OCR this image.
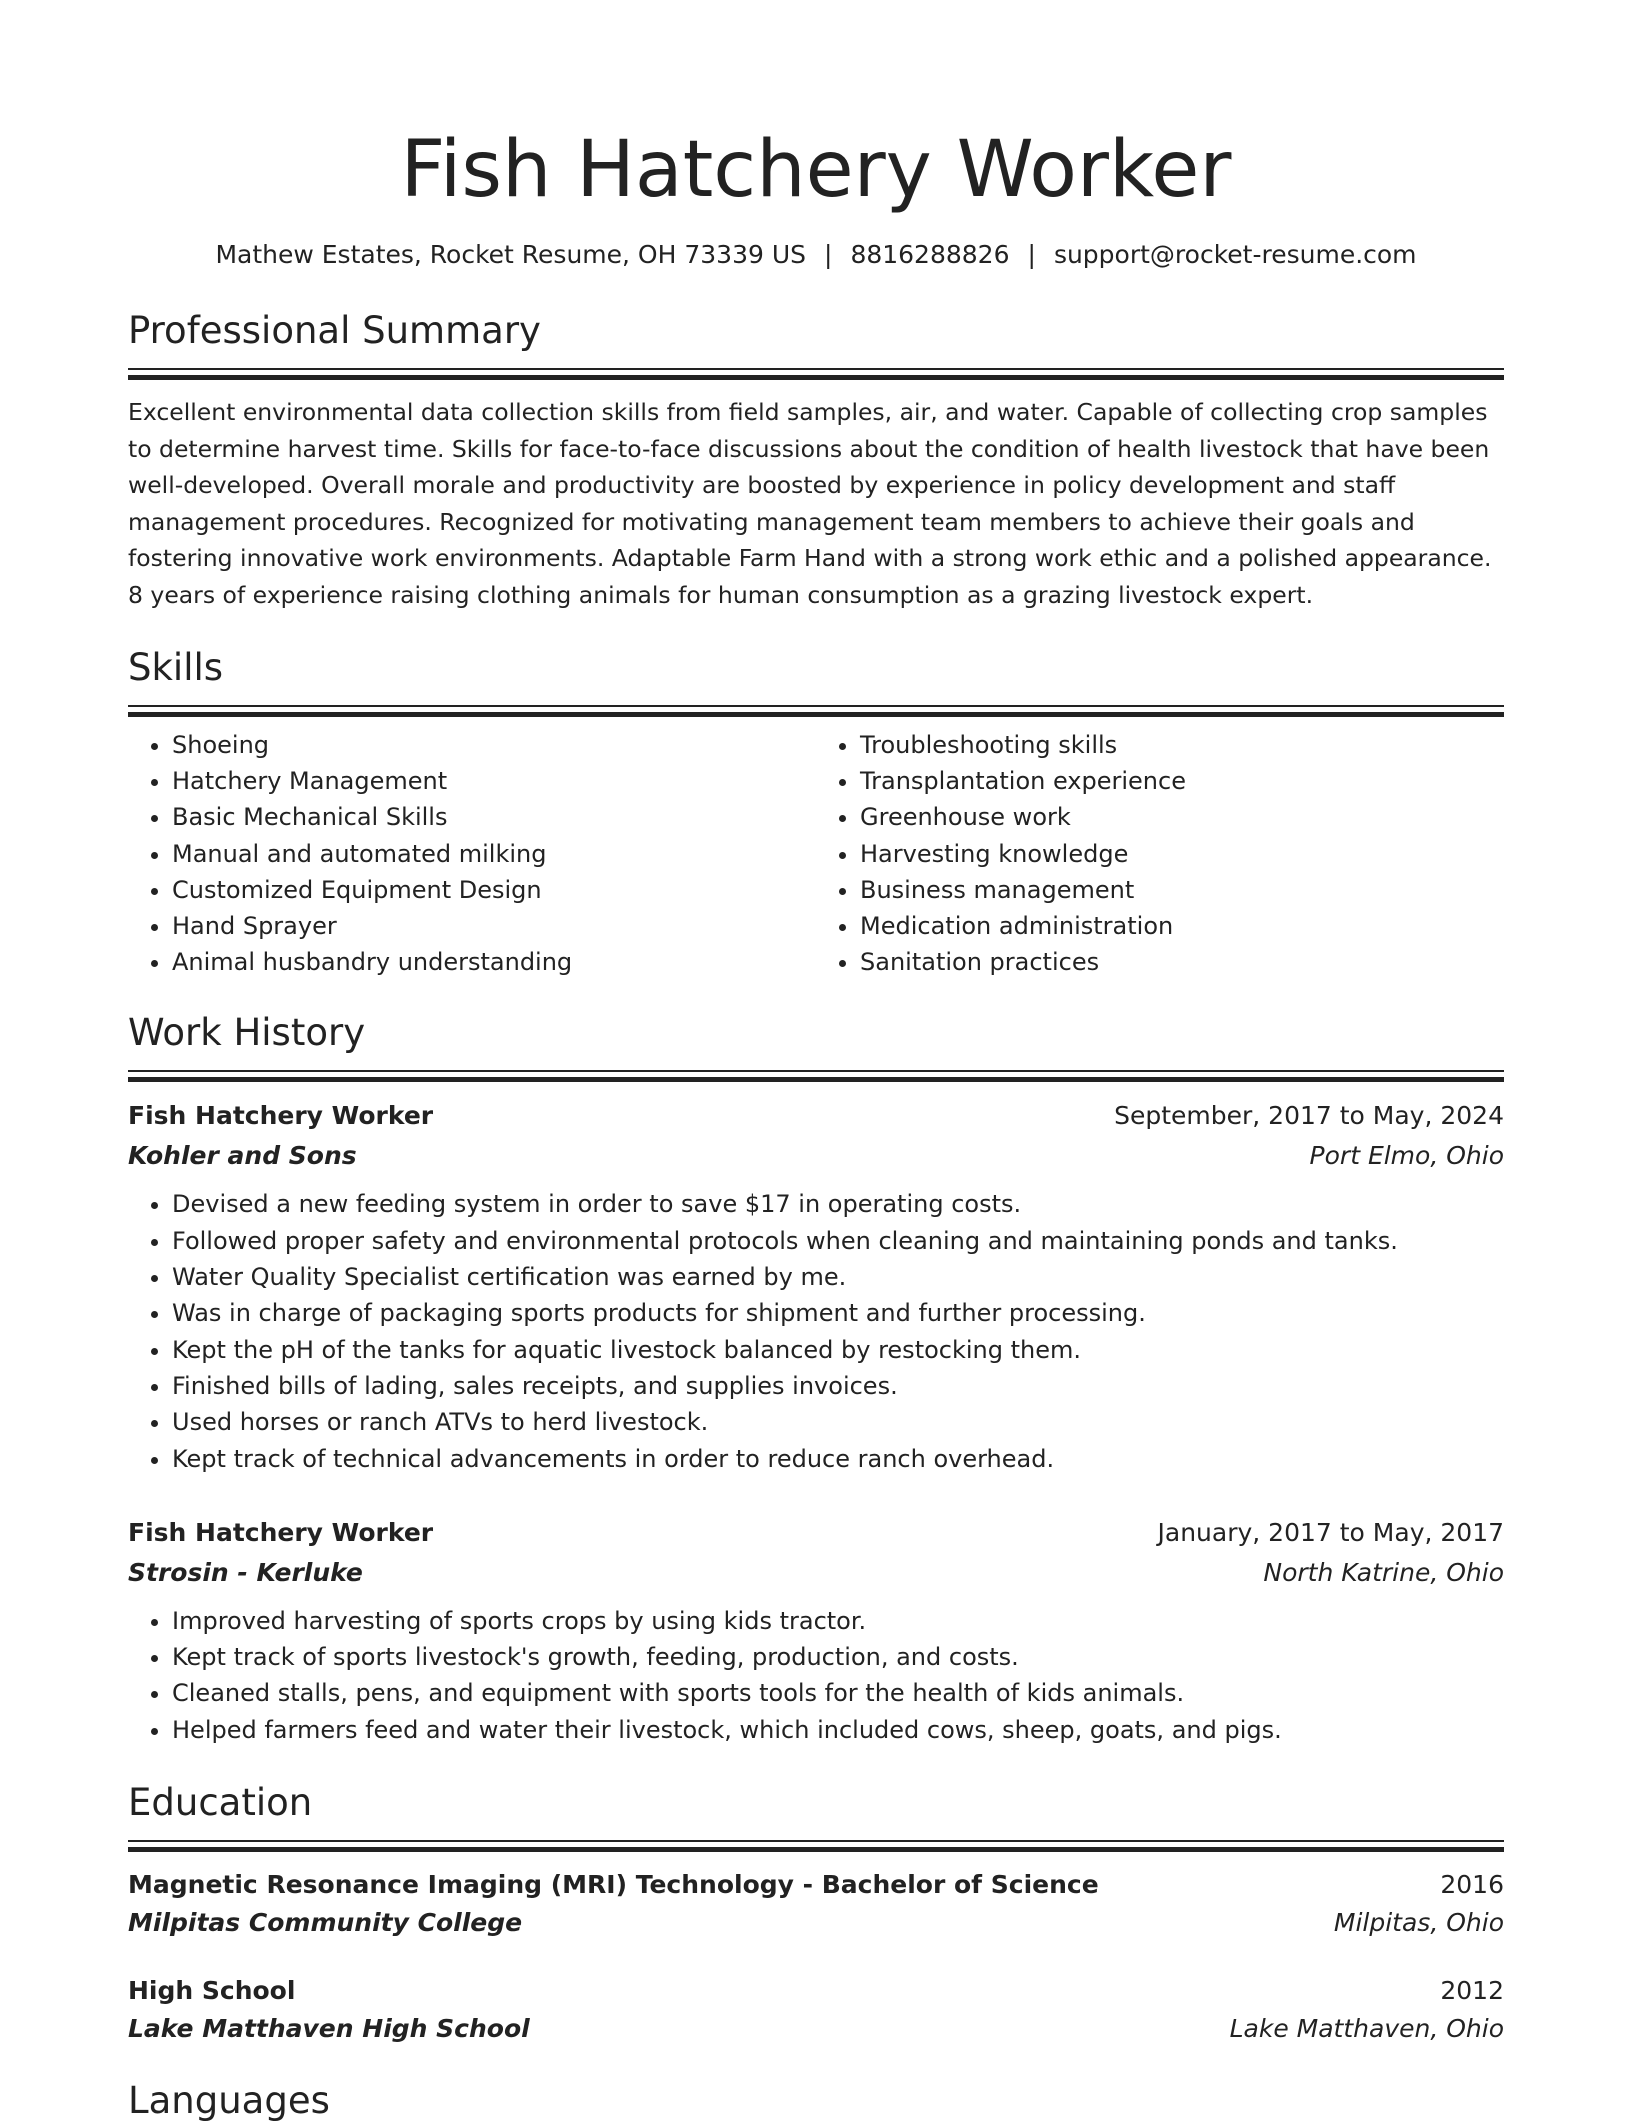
Fish Hatchery Worker
Mathew Estates, Rocket Resume, OH 73339 US | 8816288826 | support@rocket-resume.com
Professional Summary

Excellent environmental data collection skills from field samples, air, and water. Capable of collecting crop samples to determine harvest time. Skills for face-to-face discussions about the condition of health livestock that have been well-developed. Overall morale and productivity are boosted by experience in policy development and staff management procedures. Recognized for motivating management team members to achieve their goals and fostering innovative work environments. Adaptable Farm Hand with a strong work ethic and a polished appearance. 8 years of experience raising clothing animals for human consumption as a grazing livestock expert.

Skills
• Shoeing
• Hatchery Management
• Basic Mechanical Skills
• Manual and automated milking
• Customized Equipment Design
• Hand Sprayer
• Animal husbandry understanding
• Troubleshooting skills
• Transplantation experience
• Greenhouse work
• Harvesting knowledge
• Business management
• Medication administration
• Sanitation practices
Work History
Fish Hatchery Worker	September, 2017 to May, 2024
Kohler and Sons	Port Elmo, Ohio
• Devised a new feeding system in order to save $17 in operating costs.
• Followed proper safety and environmental protocols when cleaning and maintaining ponds and tanks.
• Water Quality Specialist certification was earned by me.
• Was in charge of packaging sports products for shipment and further processing.
• Kept the pH of the tanks for aquatic livestock balanced by restocking them.
• Finished bills of lading, sales receipts, and supplies invoices.
• Used horses or ranch ATVs to herd livestock.
• Kept track of technical advancements in order to reduce ranch overhead.
Fish Hatchery Worker	January, 2017 to May, 2017
Strosin - Kerluke	North Katrine, Ohio
• Improved harvesting of sports crops by using kids tractor.
• Kept track of sports livestock's growth, feeding, production, and costs.
• Cleaned stalls, pens, and equipment with sports tools for the health of kids animals.
• Helped farmers feed and water their livestock, which included cows, sheep, goats, and pigs.
Education
Magnetic Resonance Imaging (MRI) Technology - Bachelor of Science	2016
Milpitas Community College	Milpitas, Ohio
High School	2012
Lake Matthaven High School	Lake Matthaven, Ohio
Languages
